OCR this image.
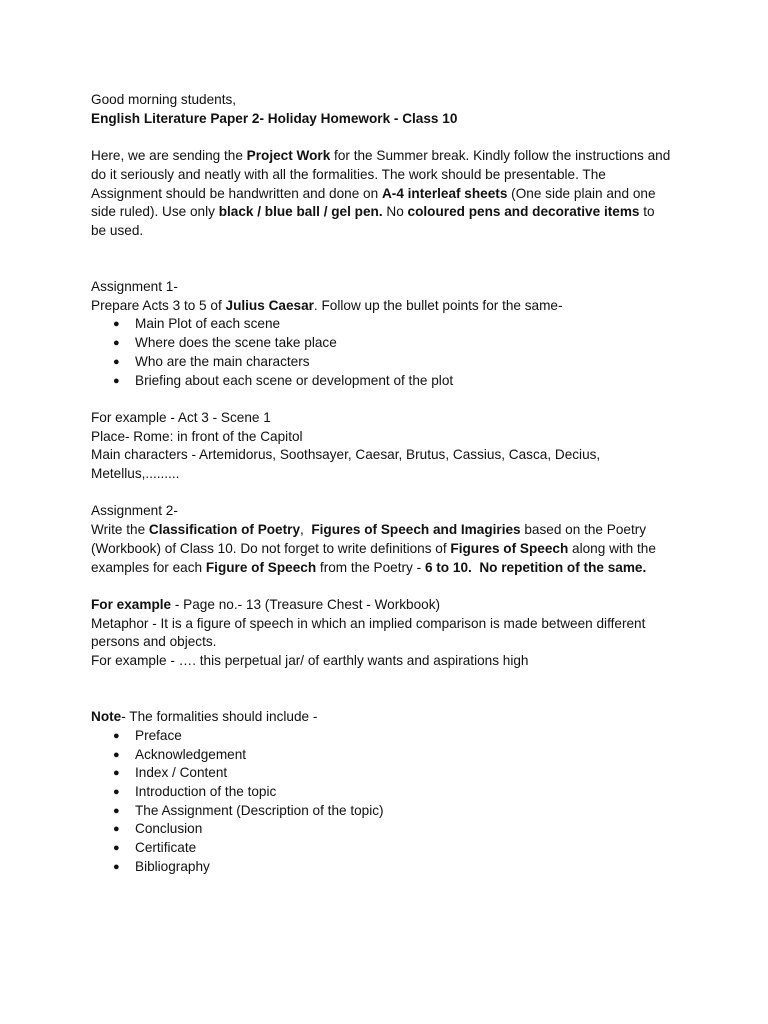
Good morning students,

English Literature Paper 2- Holiday Homework - Class 10

Here, we are sending the Project Work for the Summer break. Kindly follow the instructions and do it seriously and neatly with all the formalities. The work should be presentable. The Assignment should be handwritten and done on A-4 interleaf sheets (One side plain and one side ruled). Use only black / blue ball / gel pen. No coloured pens and decorative items to be used.

Assignment 1-

Prepare Acts 3 to 5 of Julius Caesar. Follow up the bullet points for the same-

● Main Plot of each scene
● Where does the scene take place
● Who are the main characters
● Briefing about each scene or development of the plot

For example - Act 3 - Scene 1

Place- Rome: in front of the Capitol

Main characters - Artemidorus, Soothsayer, Caesar, Brutus, Cassius, Casca, Decius, Metellus,.........

Assignment 2-

Write the Classification of Poetry,  Figures of Speech and Imagiries based on the Poetry (Workbook) of Class 10. Do not forget to write definitions of Figures of Speech along with the examples for each Figure of Speech from the Poetry - 6 to 10.  No repetition of the same.

For example - Page no.- 13 (Treasure Chest - Workbook)

Metaphor - It is a figure of speech in which an implied comparison is made between different persons and objects.

For example - …. this perpetual jar/ of earthly wants and aspirations high

Note- The formalities should include -

● Preface
● Acknowledgement
● Index / Content
● Introduction of the topic
● The Assignment (Description of the topic)
● Conclusion
● Certificate
● Bibliography
